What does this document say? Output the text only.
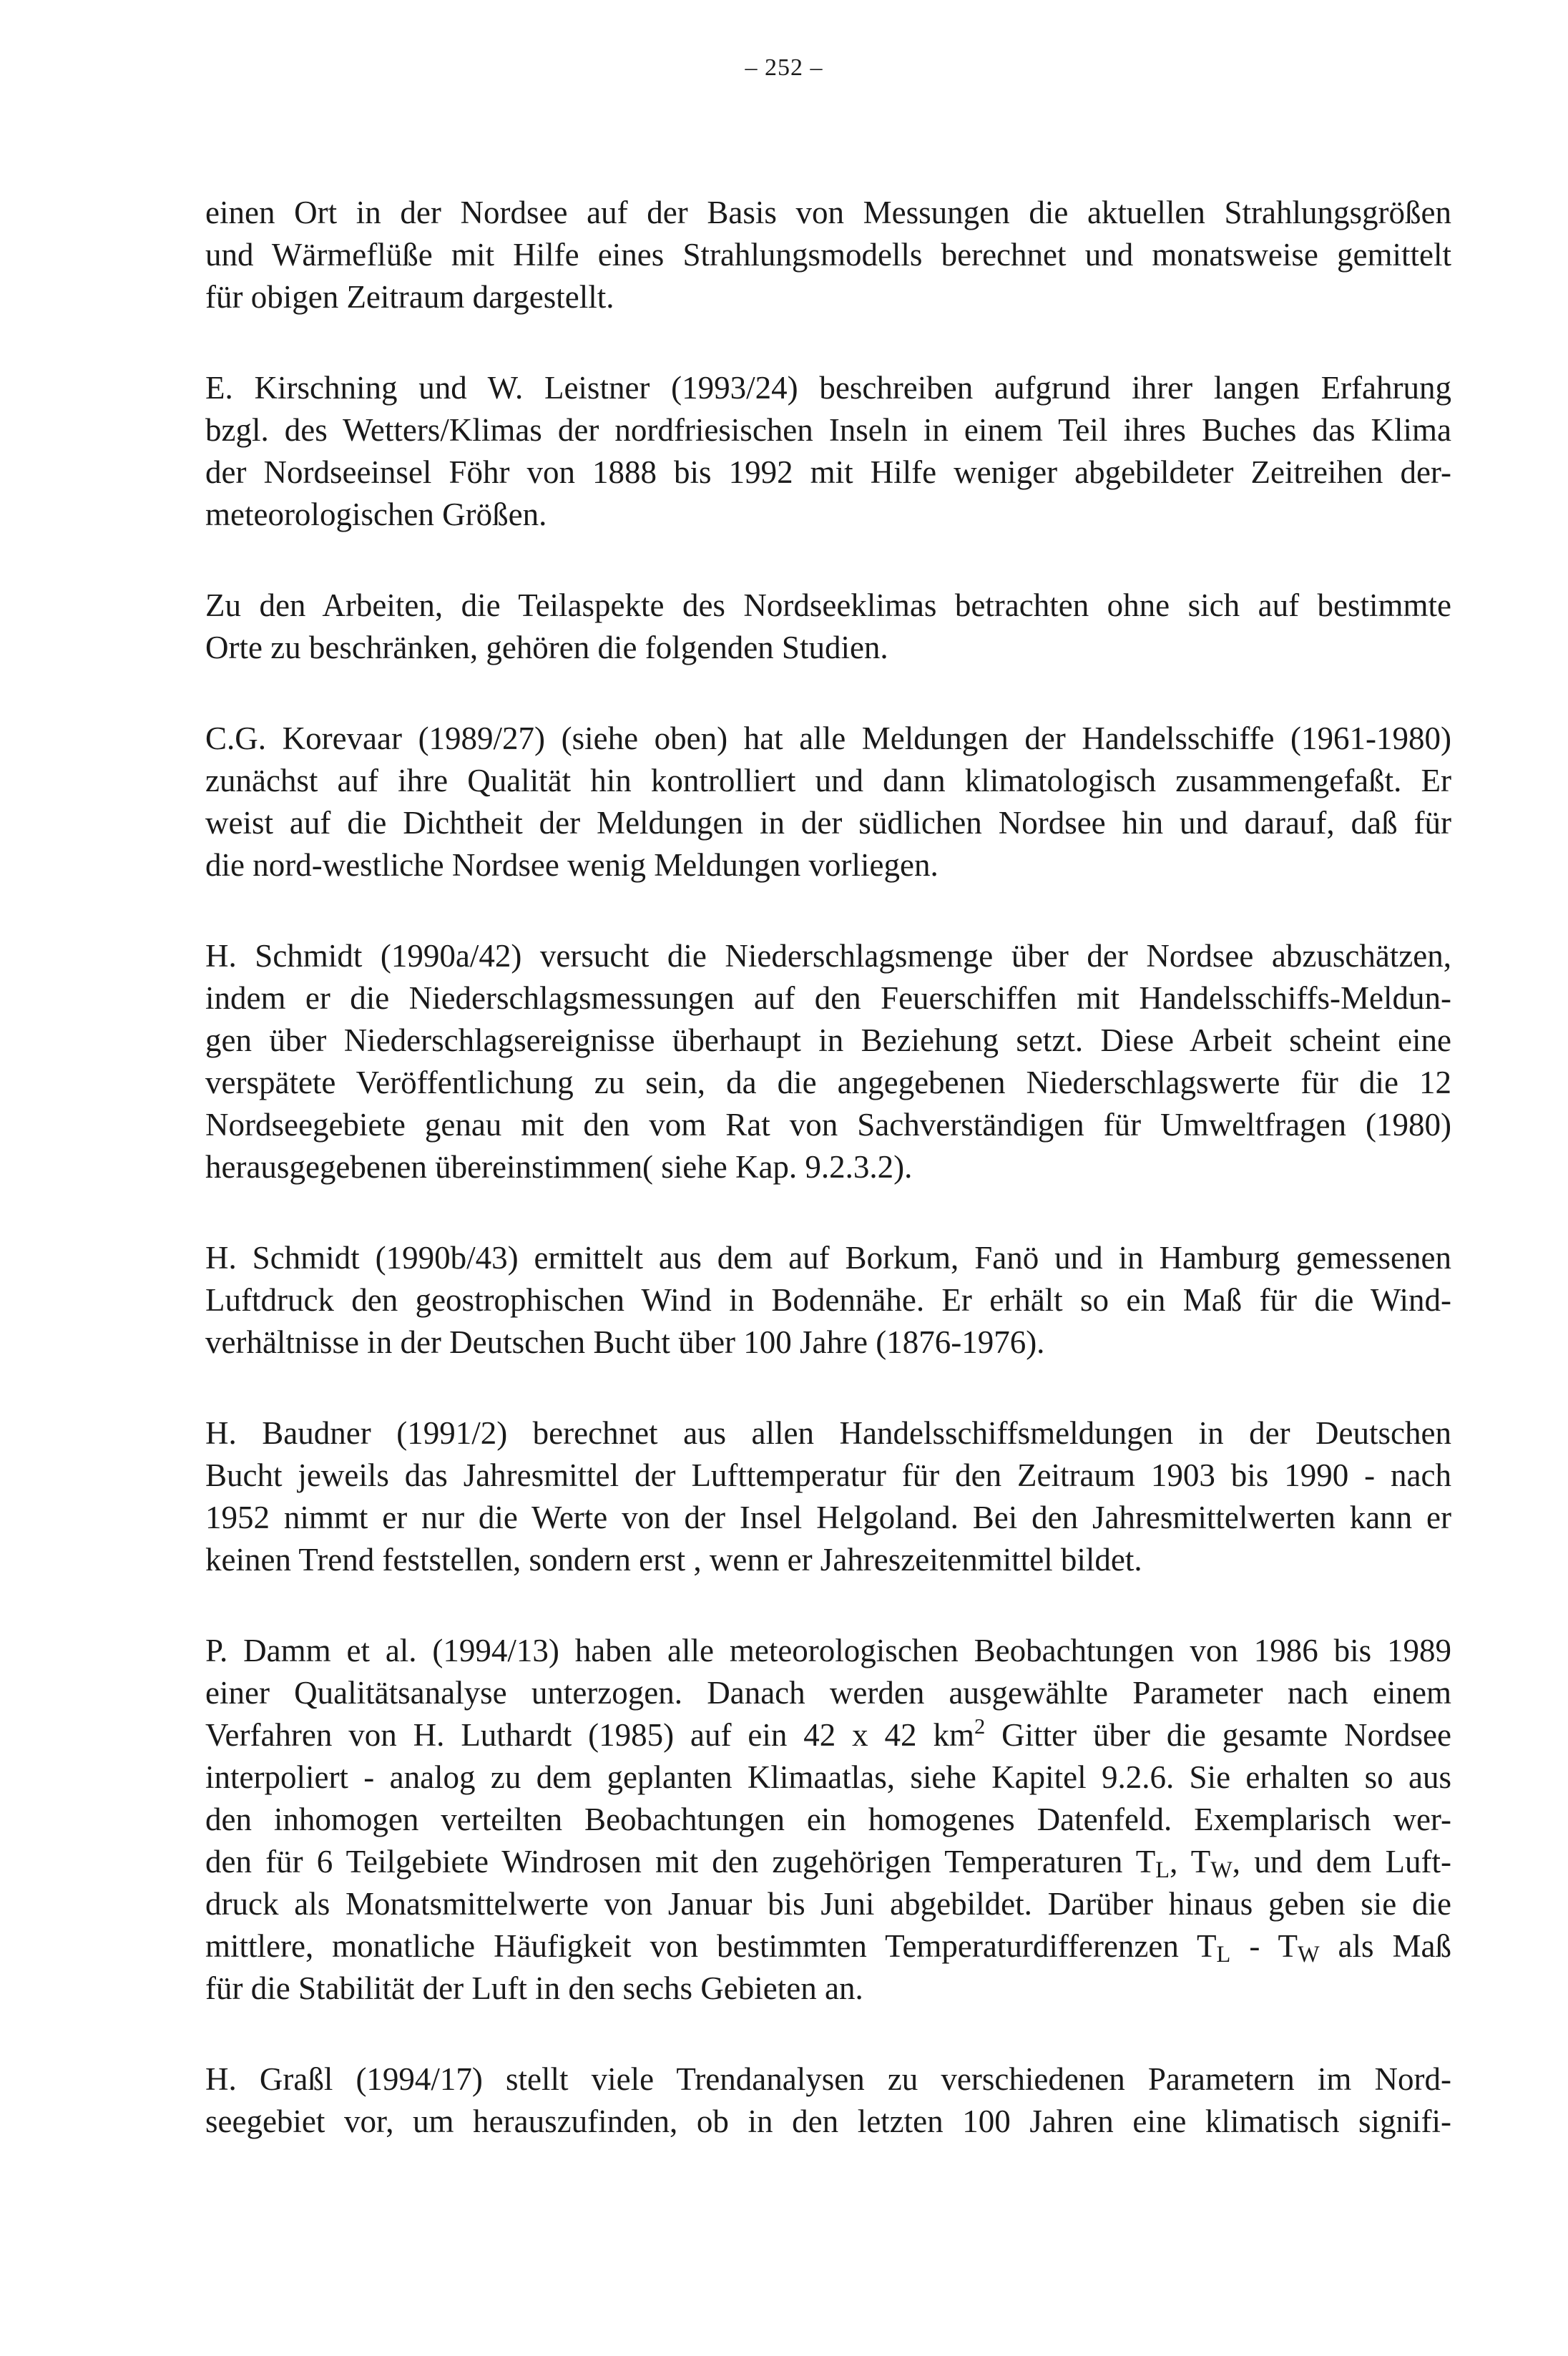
– 252 –

einen Ort in der Nordsee auf der Basis von Messungen die aktuellen Strahlungsgrößen
und Wärmeflüße mit Hilfe eines Strahlungsmodells berechnet und monatsweise gemittelt
für obigen Zeitraum dargestellt.

E. Kirschning und W. Leistner (1993/24) beschreiben aufgrund ihrer langen Erfahrung
bzgl. des Wetters/Klimas der nordfriesischen Inseln in einem Teil ihres Buches das Klima
der Nordseeinsel Föhr von 1888 bis 1992 mit Hilfe weniger abgebildeter Zeitreihen der-
meteorologischen Größen.

Zu den Arbeiten, die Teilaspekte des Nordseeklimas betrachten ohne sich auf bestimmte
Orte zu beschränken, gehören die folgenden Studien.

C.G. Korevaar (1989/27) (siehe oben) hat alle Meldungen der Handelsschiffe (1961-1980)
zunächst auf ihre Qualität hin kontrolliert und dann klimatologisch zusammengefaßt. Er
weist auf die Dichtheit der Meldungen in der südlichen Nordsee hin und darauf, daß für
die nord-westliche Nordsee wenig Meldungen vorliegen.

H. Schmidt (1990a/42) versucht die Niederschlagsmenge über der Nordsee abzuschätzen,
indem er die Niederschlagsmessungen auf den Feuerschiffen mit Handelsschiffs-Meldun-
gen über Niederschlagsereignisse überhaupt in Beziehung setzt. Diese Arbeit scheint eine
verspätete Veröffentlichung zu sein, da die angegebenen Niederschlagswerte für die 12
Nordseegebiete genau mit den vom Rat von Sachverständigen für Umweltfragen (1980)
herausgegebenen übereinstimmen( siehe Kap. 9.2.3.2).

H. Schmidt (1990b/43) ermittelt aus dem auf Borkum, Fanö und in Hamburg gemessenen
Luftdruck den geostrophischen Wind in Bodennähe. Er erhält so ein Maß für die Wind-
verhältnisse in der Deutschen Bucht über 100 Jahre (1876-1976).

H. Baudner (1991/2) berechnet aus allen Handelsschiffsmeldungen in der Deutschen
Bucht jeweils das Jahresmittel der Lufttemperatur für den Zeitraum 1903 bis 1990 - nach
1952 nimmt er nur die Werte von der Insel Helgoland. Bei den Jahresmittelwerten kann er
keinen Trend feststellen, sondern erst , wenn er Jahreszeitenmittel bildet.

P. Damm et al. (1994/13) haben alle meteorologischen Beobachtungen von 1986 bis 1989
einer Qualitätsanalyse unterzogen. Danach werden ausgewählte Parameter nach einem
Verfahren von H. Luthardt (1985) auf ein 42 x 42 $km^2$ Gitter über die gesamte Nordsee
interpoliert - analog zu dem geplanten Klimaatlas, siehe Kapitel 9.2.6. Sie erhalten so aus
den inhomogen verteilten Beobachtungen ein homogenes Datenfeld. Exemplarisch wer-
den für 6 Teilgebiete Windrosen mit den zugehörigen Temperaturen $T_L$, $T_W$, und dem Luft-
druck als Monatsmittelwerte von Januar bis Juni abgebildet. Darüber hinaus geben sie die
mittlere, monatliche Häufigkeit von bestimmten Temperaturdifferenzen $T_L - T_W$ als Maß
für die Stabilität der Luft in den sechs Gebieten an.

H. Graßl (1994/17) stellt viele Trendanalysen zu verschiedenen Parametern im Nord-
seegebiet vor, um herauszufinden, ob in den letzten 100 Jahren eine klimatisch signifi-
